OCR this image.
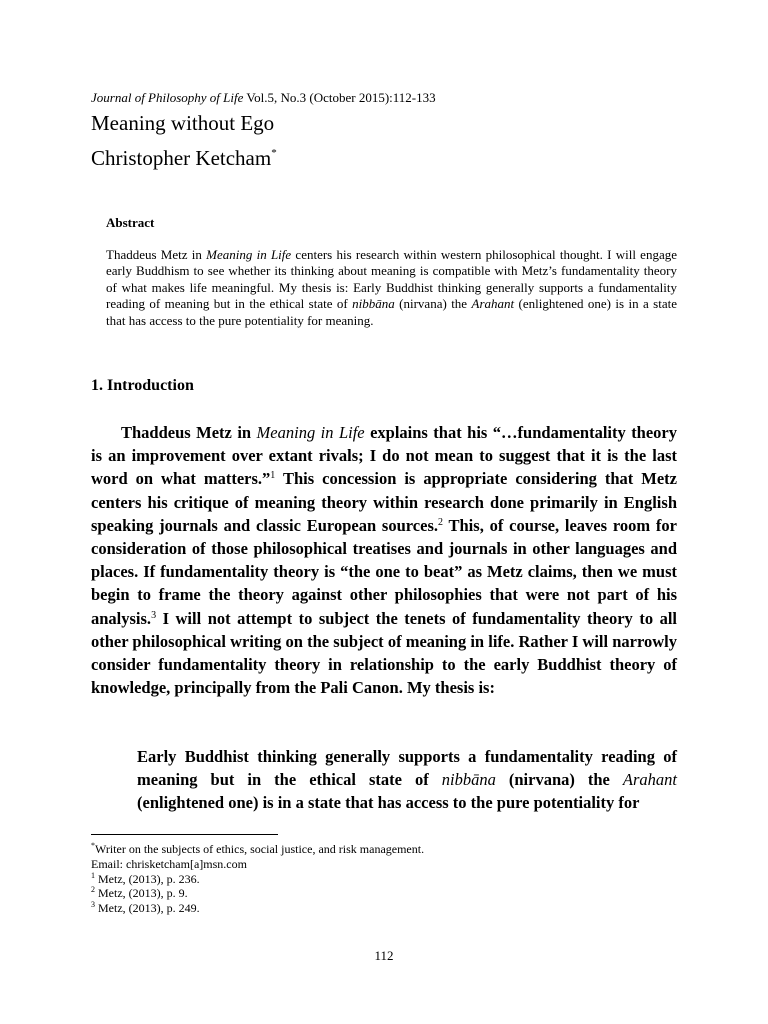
Journal of Philosophy of Life Vol.5, No.3 (October 2015):112-133
Meaning without Ego
Christopher Ketcham*
Abstract
Thaddeus Metz in Meaning in Life centers his research within western philosophical thought. I will engage early Buddhism to see whether its thinking about meaning is compatible with Metz’s fundamentality theory of what makes life meaningful. My thesis is: Early Buddhist thinking generally supports a fundamentality reading of meaning but in the ethical state of nibbāna (nirvana) the Arahant (enlightened one) is in a state that has access to the pure potentiality for meaning.
1. Introduction

Thaddeus Metz in Meaning in Life explains that his “…fundamentality theory is an improvement over extant rivals; I do not mean to suggest that it is the last word on what matters.”$^1$ This concession is appropriate considering that Metz centers his critique of meaning theory within research done primarily in English speaking journals and classic European sources.$^2$ This, of course, leaves room for consideration of those philosophical treatises and journals in other languages and places. If fundamentality theory is “the one to beat” as Metz claims, then we must begin to frame the theory against other philosophies that were not part of his analysis.$^3$ I will not attempt to subject the tenets of fundamentality theory to all other philosophical writing on the subject of meaning in life. Rather I will narrowly consider fundamentality theory in relationship to the early Buddhist theory of knowledge, principally from the Pali Canon. My thesis is:

Early Buddhist thinking generally supports a fundamentality reading of meaning but in the ethical state of nibbāna (nirvana) the Arahant (enlightened one) is in a state that has access to the pure potentiality for

*Writer on the subjects of ethics, social justice, and risk management.
Email: chrisketcham[a]msn.com
$^1$ Metz, (2013), p. 236.
$^2$ Metz, (2013), p. 9.
$^3$ Metz, (2013), p. 249.
112
